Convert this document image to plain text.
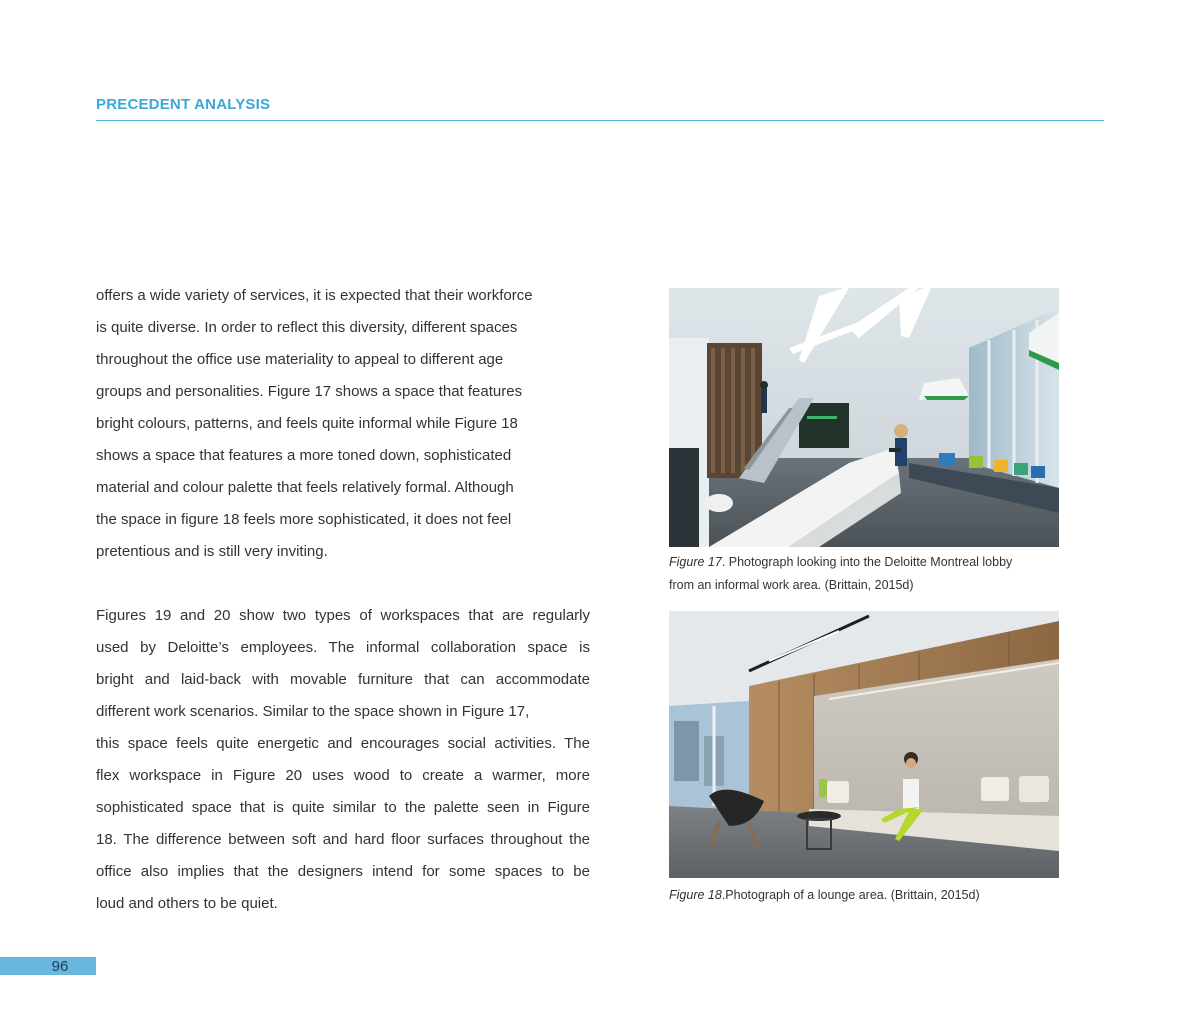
PRECEDENT ANALYSIS
offers a wide variety of services, it is expected that their workforce
is quite diverse. In order to reflect this diversity, different spaces
throughout the office use materiality to appeal to different age
groups and personalities. Figure 17 shows a space that features
bright colours, patterns, and feels quite informal while Figure 18
shows a space that features a more toned down, sophisticated
material and colour palette that feels relatively formal. Although
the space in figure 18 feels more sophisticated, it does not feel
pretentious and is still very inviting.
Figures 19 and 20 show two types of workspaces that are regularly
used by Deloitte’s employees. The informal collaboration space is
bright and laid-back with movable furniture that can accommodate
different work scenarios. Similar to the space shown in Figure 17,
this space feels quite energetic and encourages social activities. The
flex workspace in Figure 20 uses wood to create a warmer, more
sophisticated space that is quite similar to the palette seen in Figure
18. The difference between soft and hard floor surfaces throughout the
office also implies that the designers intend for some spaces to be
loud and others to be quiet.
Figure 17. Photograph looking into the Deloitte Montreal lobby
from an informal work area. (Brittain, 2015d)
Figure 18.Photograph of a lounge area. (Brittain, 2015d)
96
